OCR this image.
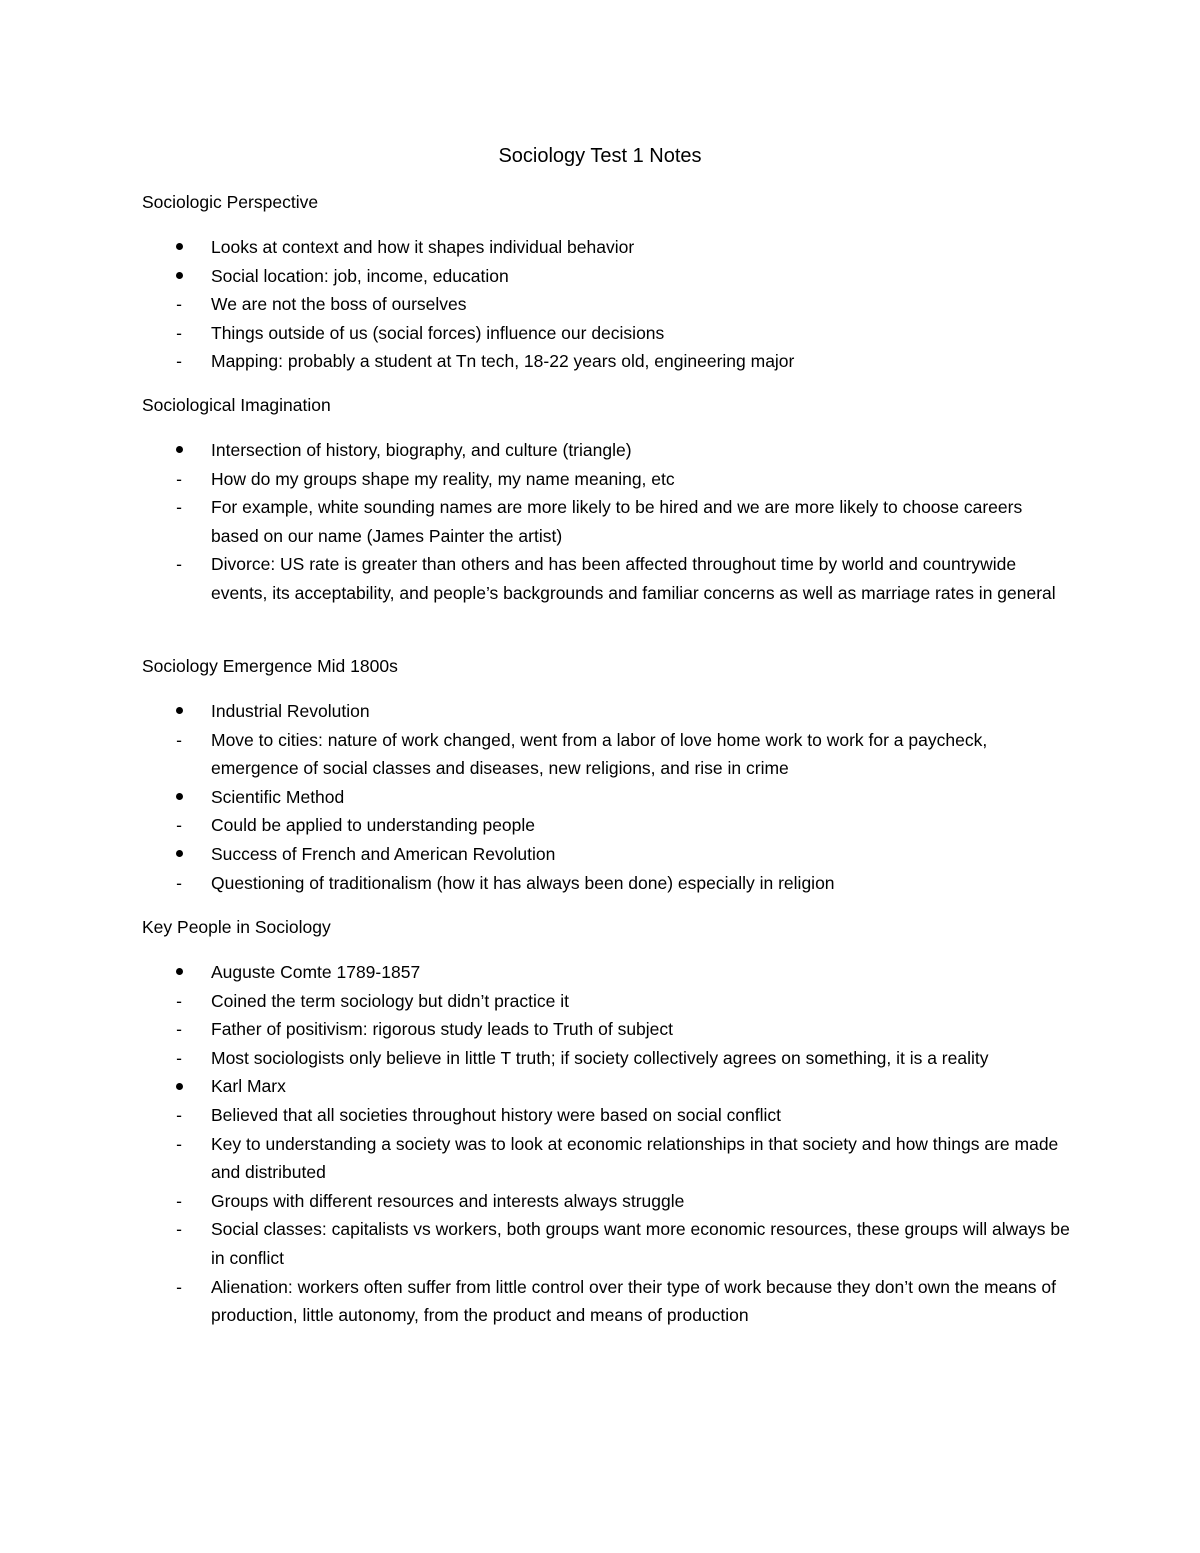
Sociology Test 1 Notes
Sociologic Perspective
Looks at context and how it shapes individual behavior
Social location: job, income, education
-
We are not the boss of ourselves
-
Things outside of us (social forces) influence our decisions
-
Mapping: probably a student at Tn tech, 18-22 years old, engineering major
Sociological Imagination
Intersection of history, biography, and culture (triangle)
-
How do my groups shape my reality, my name meaning, etc
-
For example, white sounding names are more likely to be hired and we are more likely to choose careers based on our name (James Painter the artist)
-
Divorce: US rate is greater than others and has been affected throughout time by world and countrywide events, its acceptability, and people’s backgrounds and familiar concerns as well as marriage rates in general
Sociology Emergence Mid 1800s
Industrial Revolution
-
Move to cities: nature of work changed, went from a labor of love home work to work for a paycheck, emergence of social classes and diseases, new religions, and rise in crime
Scientific Method
-
Could be applied to understanding people
Success of French and American Revolution
-
Questioning of traditionalism (how it has always been done) especially in religion
Key People in Sociology
Auguste Comte 1789-1857
-
Coined the term sociology but didn’t practice it
-
Father of positivism: rigorous study leads to Truth of subject
-
Most sociologists only believe in little T truth; if society collectively agrees on something, it is a reality
Karl Marx
-
Believed that all societies throughout history were based on social conflict
-
Key to understanding a society was to look at economic relationships in that society and how things are made and distributed
-
Groups with different resources and interests always struggle
-
Social classes: capitalists vs workers, both groups want more economic resources, these groups will always be in conflict
-
Alienation: workers often suffer from little control over their type of work because they don’t own the means of production, little autonomy, from the product and means of production
